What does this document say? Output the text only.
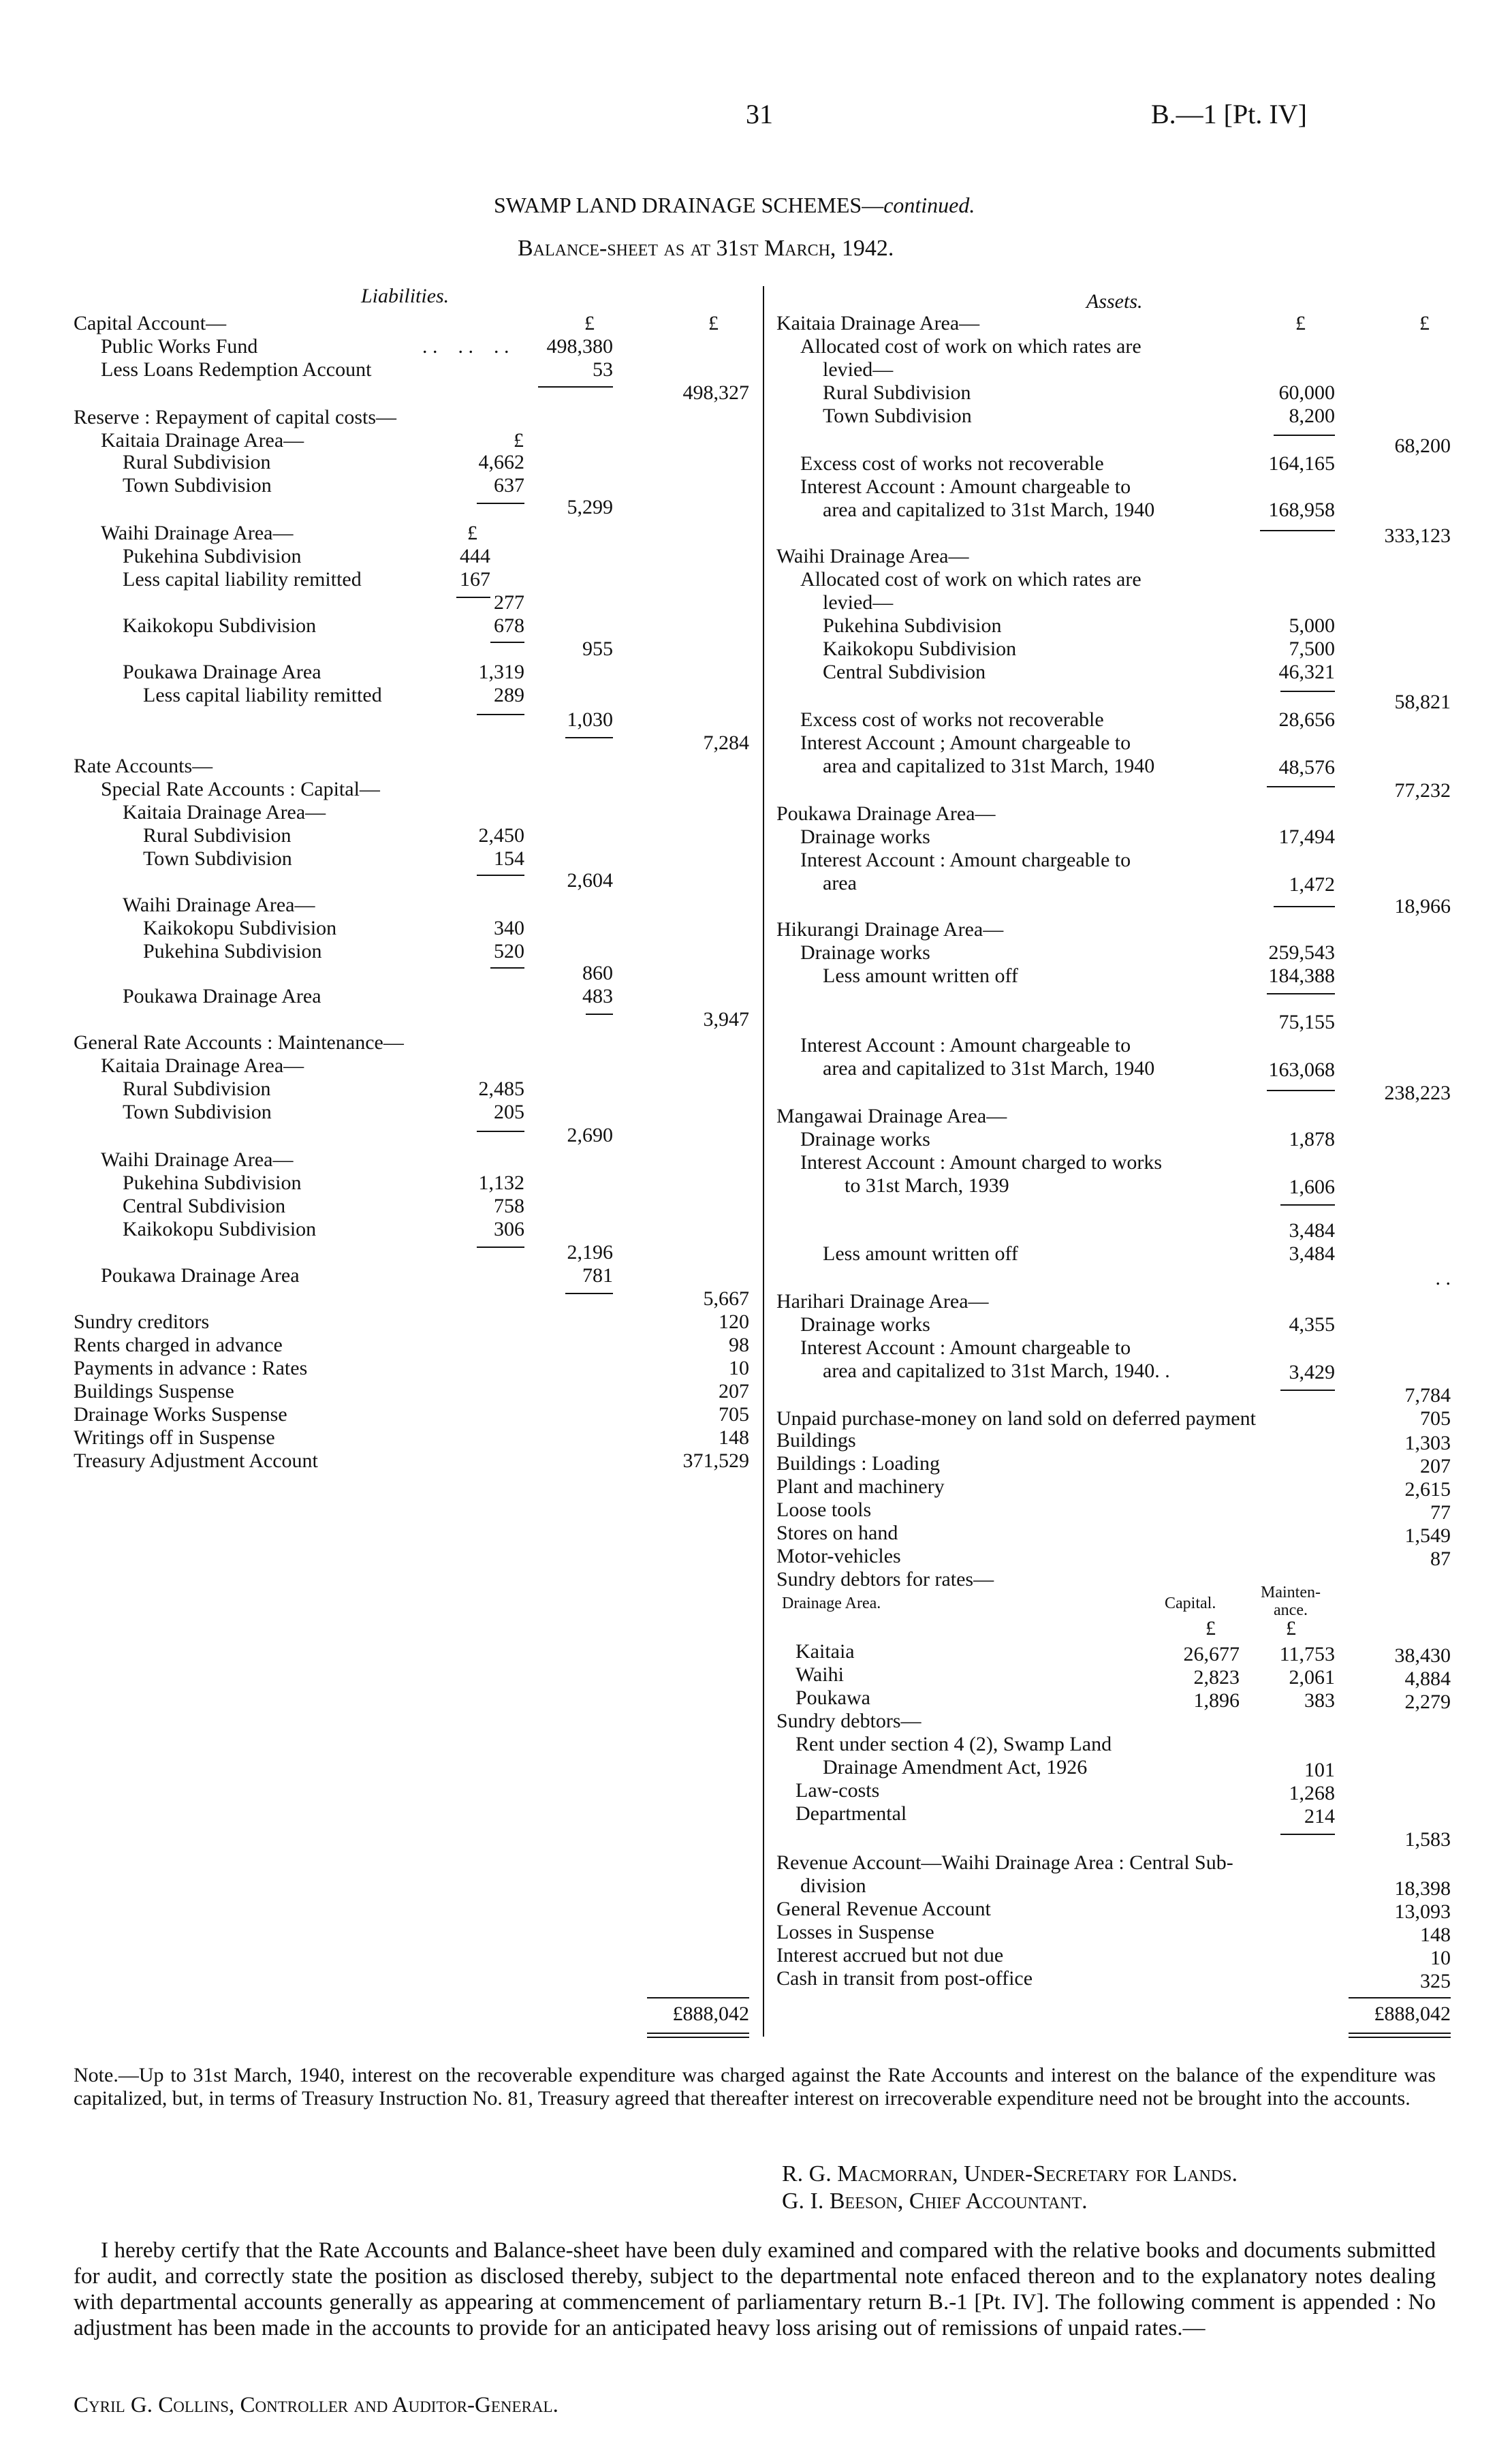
31	B.—1 [Pt. IV]
SWAMP LAND DRAINAGE SCHEMES—continued.
Balance-sheet as at 31st March, 1942.
Liabilities.
£	£
Capital Account—
Public Works Fund	. .    . .    . .	498,380
Less Loans Redemption Account	53
498,327
Reserve : Repayment of capital costs—
Kaitaia Drainage Area—	£
Rural Subdivision	4,662
Town Subdivision	637
5,299
Waihi Drainage Area—	£
Pukehina Subdivision	444
Less capital liability remitted	167
277
Kaikokopu Subdivision	678
955
Poukawa Drainage Area	1,319
Less capital liability remitted	289
1,030
7,284
Rate Accounts—
Special Rate Accounts : Capital—
Kaitaia Drainage Area—
Rural Subdivision	2,450
Town Subdivision	154
2,604
Waihi Drainage Area—
Kaikokopu Subdivision	340
Pukehina Subdivision	520
860
Poukawa Drainage Area	483
3,947
General Rate Accounts : Maintenance—
Kaitaia Drainage Area—
Rural Subdivision	2,485
Town Subdivision	205
2,690
Waihi Drainage Area—
Pukehina Subdivision	1,132
Central Subdivision	758
Kaikokopu Subdivision	306
2,196
Poukawa Drainage Area	781
5,667
Sundry creditors	120
Rents charged in advance	98
Payments in advance : Rates	10
Buildings Suspense	207
Drainage Works Suspense	705
Writings off in Suspense	148
Treasury Adjustment Account	371,529
£888,042
Assets.
£	£
Kaitaia Drainage Area—
Allocated cost of work on which rates are
levied—
Rural Subdivision	60,000
Town Subdivision	8,200
68,200
Excess cost of works not recoverable	164,165
Interest Account : Amount chargeable to
area and capitalized to 31st March, 1940	168,958
333,123
Waihi Drainage Area—
Allocated cost of work on which rates are
levied—
Pukehina Subdivision	5,000
Kaikokopu Subdivision	7,500
Central Subdivision	46,321
58,821
Excess cost of works not recoverable	28,656
Interest Account ; Amount chargeable to
area and capitalized to 31st March, 1940	48,576
77,232
Poukawa Drainage Area—
Drainage works	17,494
Interest Account : Amount chargeable to
area	1,472
18,966
Hikurangi Drainage Area—
Drainage works	259,543
Less amount written off	184,388
75,155
Interest Account : Amount chargeable to
area and capitalized to 31st March, 1940	163,068
238,223
Mangawai Drainage Area—
Drainage works	1,878
Interest Account : Amount charged to works
to 31st March, 1939	1,606
3,484
Less amount written off	3,484
. .
Harihari Drainage Area—
Drainage works	4,355
Interest Account : Amount chargeable to
area and capitalized to 31st March, 1940. .	3,429
7,784
Unpaid purchase-money on land sold on deferred payment	705
Buildings	1,303
Buildings : Loading	207
Plant and machinery	2,615
Loose tools	77
Stores on hand	1,549
Motor-vehicles	87
Sundry debtors for rates—
Drainage Area.	Capital.
Mainten-
ance.
£	£
Kaitaia	26,677	11,753	38,430
Waihi	2,823	2,061	4,884
Poukawa	1,896	383	2,279
Sundry debtors—
Rent under section 4 (2), Swamp Land
Drainage Amendment Act, 1926	101
Law-costs	1,268
Departmental	214
1,583
Revenue Account—Waihi Drainage Area : Central Sub-
division	18,398
General Revenue Account	13,093
Losses in Suspense	148
Interest accrued but not due	10
Cash in transit from post-office	325
£888,042
Note.—Up to 31st March, 1940, interest on the recoverable expenditure was charged against the Rate Accounts and interest on the balance of the expenditure was capitalized, but, in terms of Treasury Instruction No. 81, Treasury agreed that thereafter interest on irrecoverable expenditure need not be brought into the accounts.
R. G. Macmorran, Under-Secretary for Lands.
G. I. Beeson, Chief Accountant.
I hereby certify that the Rate Accounts and Balance-sheet have been duly examined and compared with the relative books and documents submitted for audit, and correctly state the position as disclosed thereby, subject to the departmental note enfaced thereon and to the explanatory notes dealing with departmental accounts generally as appearing at commencement of parliamentary return B.-1 [Pt. IV]. The following comment is appended : No adjustment has been made in the accounts to provide for an anticipated heavy loss arising out of remissions of unpaid rates.—
Cyril G. Collins, Controller and Auditor-General.
